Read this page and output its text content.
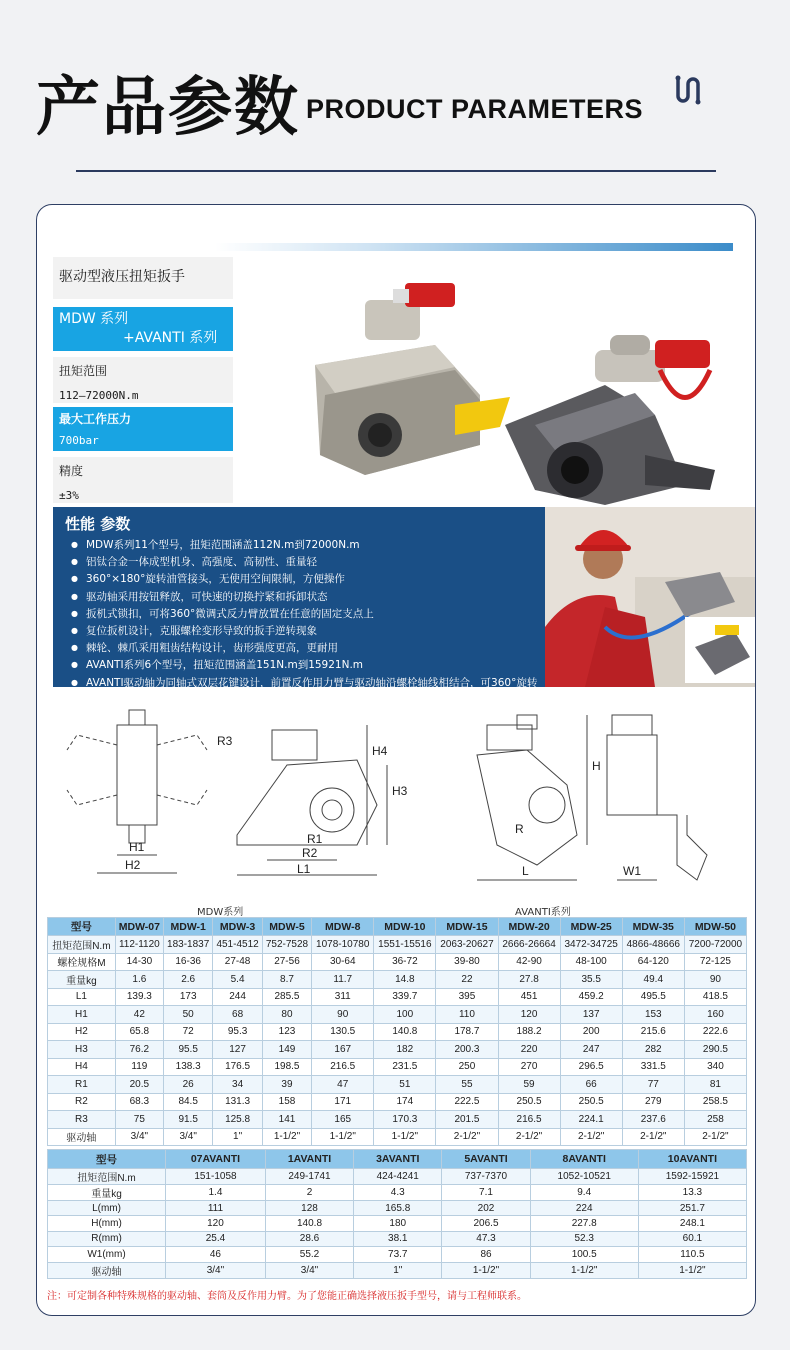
产品参数 PRODUCT PARAMETERS
驱动型液压扭矩扳手
MDW 系列
+AVANTI 系列
扭矩范围
112—72000N.m
最大工作压力
700bar
精度
±3%
性能 参数
● MDW系列11个型号，扭矩范围涵盖112N.m到72000N.m
● 铝钛合金一体成型机身、高强度、高韧性、重量轻
● 360°×180°旋转油管接头，无使用空间限制，方便操作
● 驱动轴采用按钮释放，可快速的切换拧紧和拆卸状态
● 扳机式锁扣，可将360°微调式反力臂放置在任意的固定支点上
● 复位扳机设计，克服螺栓变形导致的扳手逆转现象
● 棘轮、棘爪采用粗齿结构设计，齿形强度更高，更耐用
● AVANTI系列6个型号，扭矩范围涵盖151N.m到15921N.m
● AVANTI驱动轴为同轴式双层花键设计，前置反作用力臂与驱动轴沿螺栓轴线相结合，可360°旋转
R3
H4
H3
R1
R2
H1
H2	L1
H
R
L	W1
MDW系列	AVANTI系列
型号	MDW-07	MDW-1	MDW-3	MDW-5	MDW-8	MDW-10	MDW-15	MDW-20	MDW-25	MDW-35	MDW-50
扭矩范围N.m	112-1120	183-1837	451-4512	752-7528	1078-10780	1551-15516	2063-20627	2666-26664	3472-34725	4866-48666	7200-72000
螺栓规格M	14-30	16-36	27-48	27-56	30-64	36-72	39-80	42-90	48-100	64-120	72-125
重量kg	1.6	2.6	5.4	8.7	11.7	14.8	22	27.8	35.5	49.4	90
L1	139.3	173	244	285.5	311	339.7	395	451	459.2	495.5	418.5
H1	42	50	68	80	90	100	110	120	137	153	160
H2	65.8	72	95.3	123	130.5	140.8	178.7	188.2	200	215.6	222.6
H3	76.2	95.5	127	149	167	182	200.3	220	247	282	290.5
H4	119	138.3	176.5	198.5	216.5	231.5	250	270	296.5	331.5	340
R1	20.5	26	34	39	47	51	55	59	66	77	81
R2	68.3	84.5	131.3	158	171	174	222.5	250.5	250.5	279	258.5
R3	75	91.5	125.8	141	165	170.3	201.5	216.5	224.1	237.6	258
驱动轴	3/4"	3/4"	1"	1-1/2"	1-1/2"	1-1/2"	2-1/2"	2-1/2"	2-1/2"	2-1/2"	2-1/2"
型号	07AVANTI	1AVANTI	3AVANTI	5AVANTI	8AVANTI	10AVANTI
扭矩范围N.m	151-1058	249-1741	424-4241	737-7370	1052-10521	1592-15921
重量kg	1.4	2	4.3	7.1	9.4	13.3
L(mm)	111	128	165.8	202	224	251.7
H(mm)	120	140.8	180	206.5	227.8	248.1
R(mm)	25.4	28.6	38.1	47.3	52.3	60.1
W1(mm)	46	55.2	73.7	86	100.5	110.5
驱动轴	3/4"	3/4"	1"	1-1/2"	1-1/2"	1-1/2"
注：可定制各种特殊规格的驱动轴、套筒及反作用力臂。为了您能正确选择液压扳手型号，请与工程师联系。
